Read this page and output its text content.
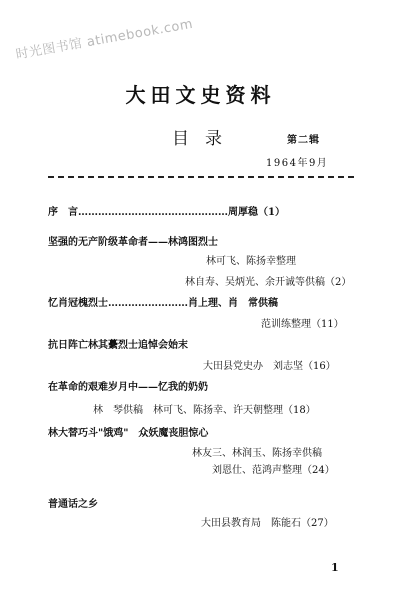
时光图书馆 atimebook.com
大田文史资料
目录	第二辑
1964年9月
序　言………………………………………周厚稳（1）
坚强的无产阶级革命者——林鸿图烈士
林可飞、陈扬幸整理
林自寿、吴炳光、余开诚等供稿（2）
忆肖冠槐烈士……………………肖上理、肖　常供稿
范训练整理（11）
抗日阵亡林其虆烈士追悼会始末
大田县党史办　刘志坚（16）
在革命的艰难岁月中——忆我的奶奶
林　琴供稿　林可飞、陈扬幸、许天朝整理（18）
林大替巧斗"饿鸡"　众妖魔丧胆惊心
林友三、林润玉、陈扬幸供稿
刘恩仕、范鸿声整理（24）
普通话之乡
大田县教育局　陈能石（27）
1
